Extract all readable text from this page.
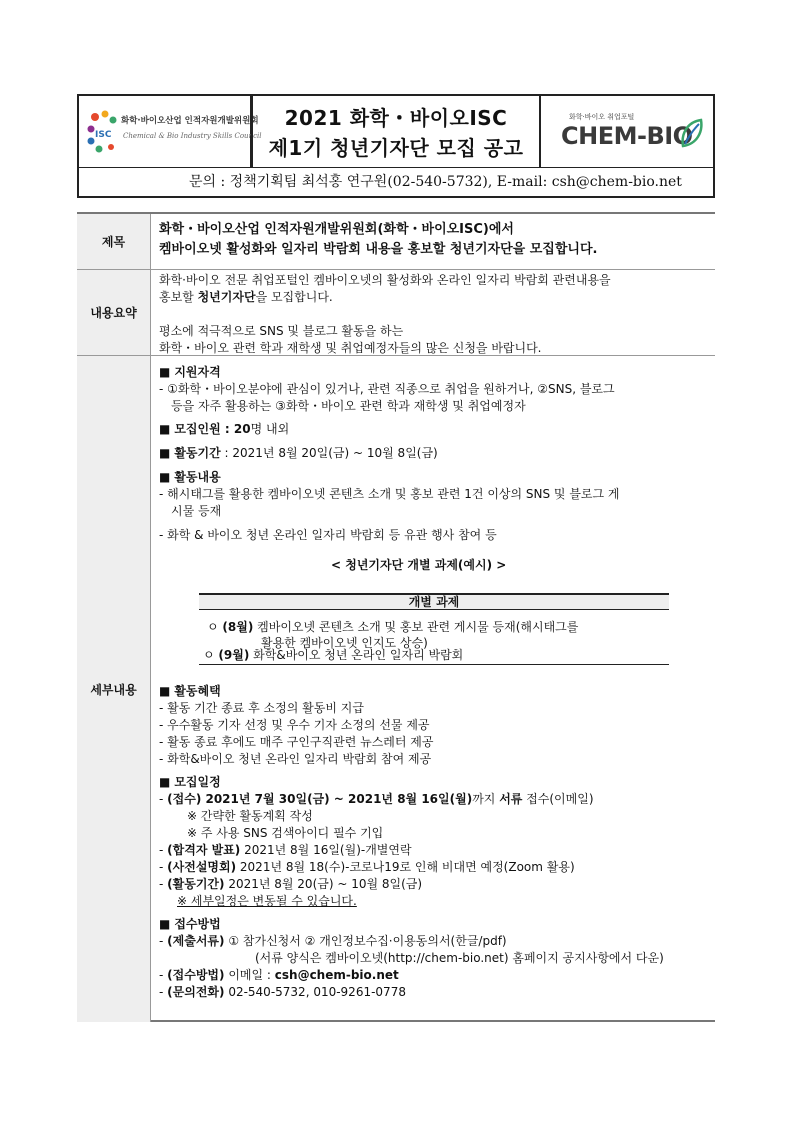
ISC
화학·바이오산업 인적자원개발위원회
Chemical & Bio Industry Skills Council
2021 화학・바이오ISC
제1기 청년기자단 모집 공고
화학·바이오 취업포털
CHEM-BIO
문의 : 정책기획팀 최석홍 연구원(02-540-5732), E-mail: csh@chem-bio.net
제목
화학・바이오산업 인적자원개발위원회(화학・바이오ISC)에서
켐바이오넷 활성화와 일자리 박람회 내용을 홍보할 청년기자단을 모집합니다.
내용요약
화학·바이오 전문 취업포털인 켐바이오넷의 활성화와 온라인 일자리 박람회 관련내용을
홍보할 청년기자단을 모집합니다.
평소에 적극적으로 SNS 및 블로그 활동을 하는
화학・바이오 관련 학과 재학생 및 취업예정자들의 많은 신청을 바랍니다.
세부내용
■ 지원자격
- ①화학・바이오분야에 관심이 있거나, 관련 직종으로 취업을 원하거나, ②SNS, 블로그
등을 자주 활용하는 ③화학・바이오 관련 학과 재학생 및 취업예정자
■ 모집인원 : 20명 내외
■ 활동기간 : 2021년 8월 20일(금) ~ 10월 8일(금)
■ 활동내용
- 해시태그를 활용한 켐바이오넷 콘텐츠 소개 및 홍보 관련 1건 이상의 SNS 및 블로그 게
시물 등재
- 화학 & 바이오 청년 온라인 일자리 박람회 등 유관 행사 참여 등
< 청년기자단 개별 과제(예시) >
ㅇ (8월) 켐바이오넷 콘텐츠 소개 및 홍보 관련 게시물 등재(해시태그를
활용한 켐바이오넷 인지도 상승)
ㅇ (9월) 화학&바이오 청년 온라인 일자리 박람회
■ 활동혜택
- 활동 기간 종료 후 소정의 활동비 지급
- 우수활동 기자 선정 및 우수 기자 소정의 선물 제공
- 활동 종료 후에도 매주 구인구직관련 뉴스레터 제공
- 화학&바이오 청년 온라인 일자리 박람회 참여 제공
■ 모집일정
- (접수) 2021년 7월 30일(금) ~ 2021년 8월 16일(월)까지 서류 접수(이메일)
※ 간략한 활동계획 작성
※ 주 사용 SNS 검색아이디 필수 기입
- (합격자 발표) 2021년 8월 16일(월)-개별연락
- (사전설명회) 2021년 8월 18(수)-코로나19로 인해 비대면 예정(Zoom 활용)
- (활동기간) 2021년 8월 20(금) ~ 10월 8일(금)
※ 세부일정은 변동될 수 있습니다.
■ 접수방법
- (제출서류) ① 참가신청서 ② 개인정보수집·이용동의서(한글/pdf)
(서류 양식은 켐바이오넷(http://chem-bio.net) 홈페이지 공지사항에서 다운)
- (접수방법) 이메일 : csh@chem-bio.net
- (문의전화) 02-540-5732, 010-9261-0778
개별 과제
